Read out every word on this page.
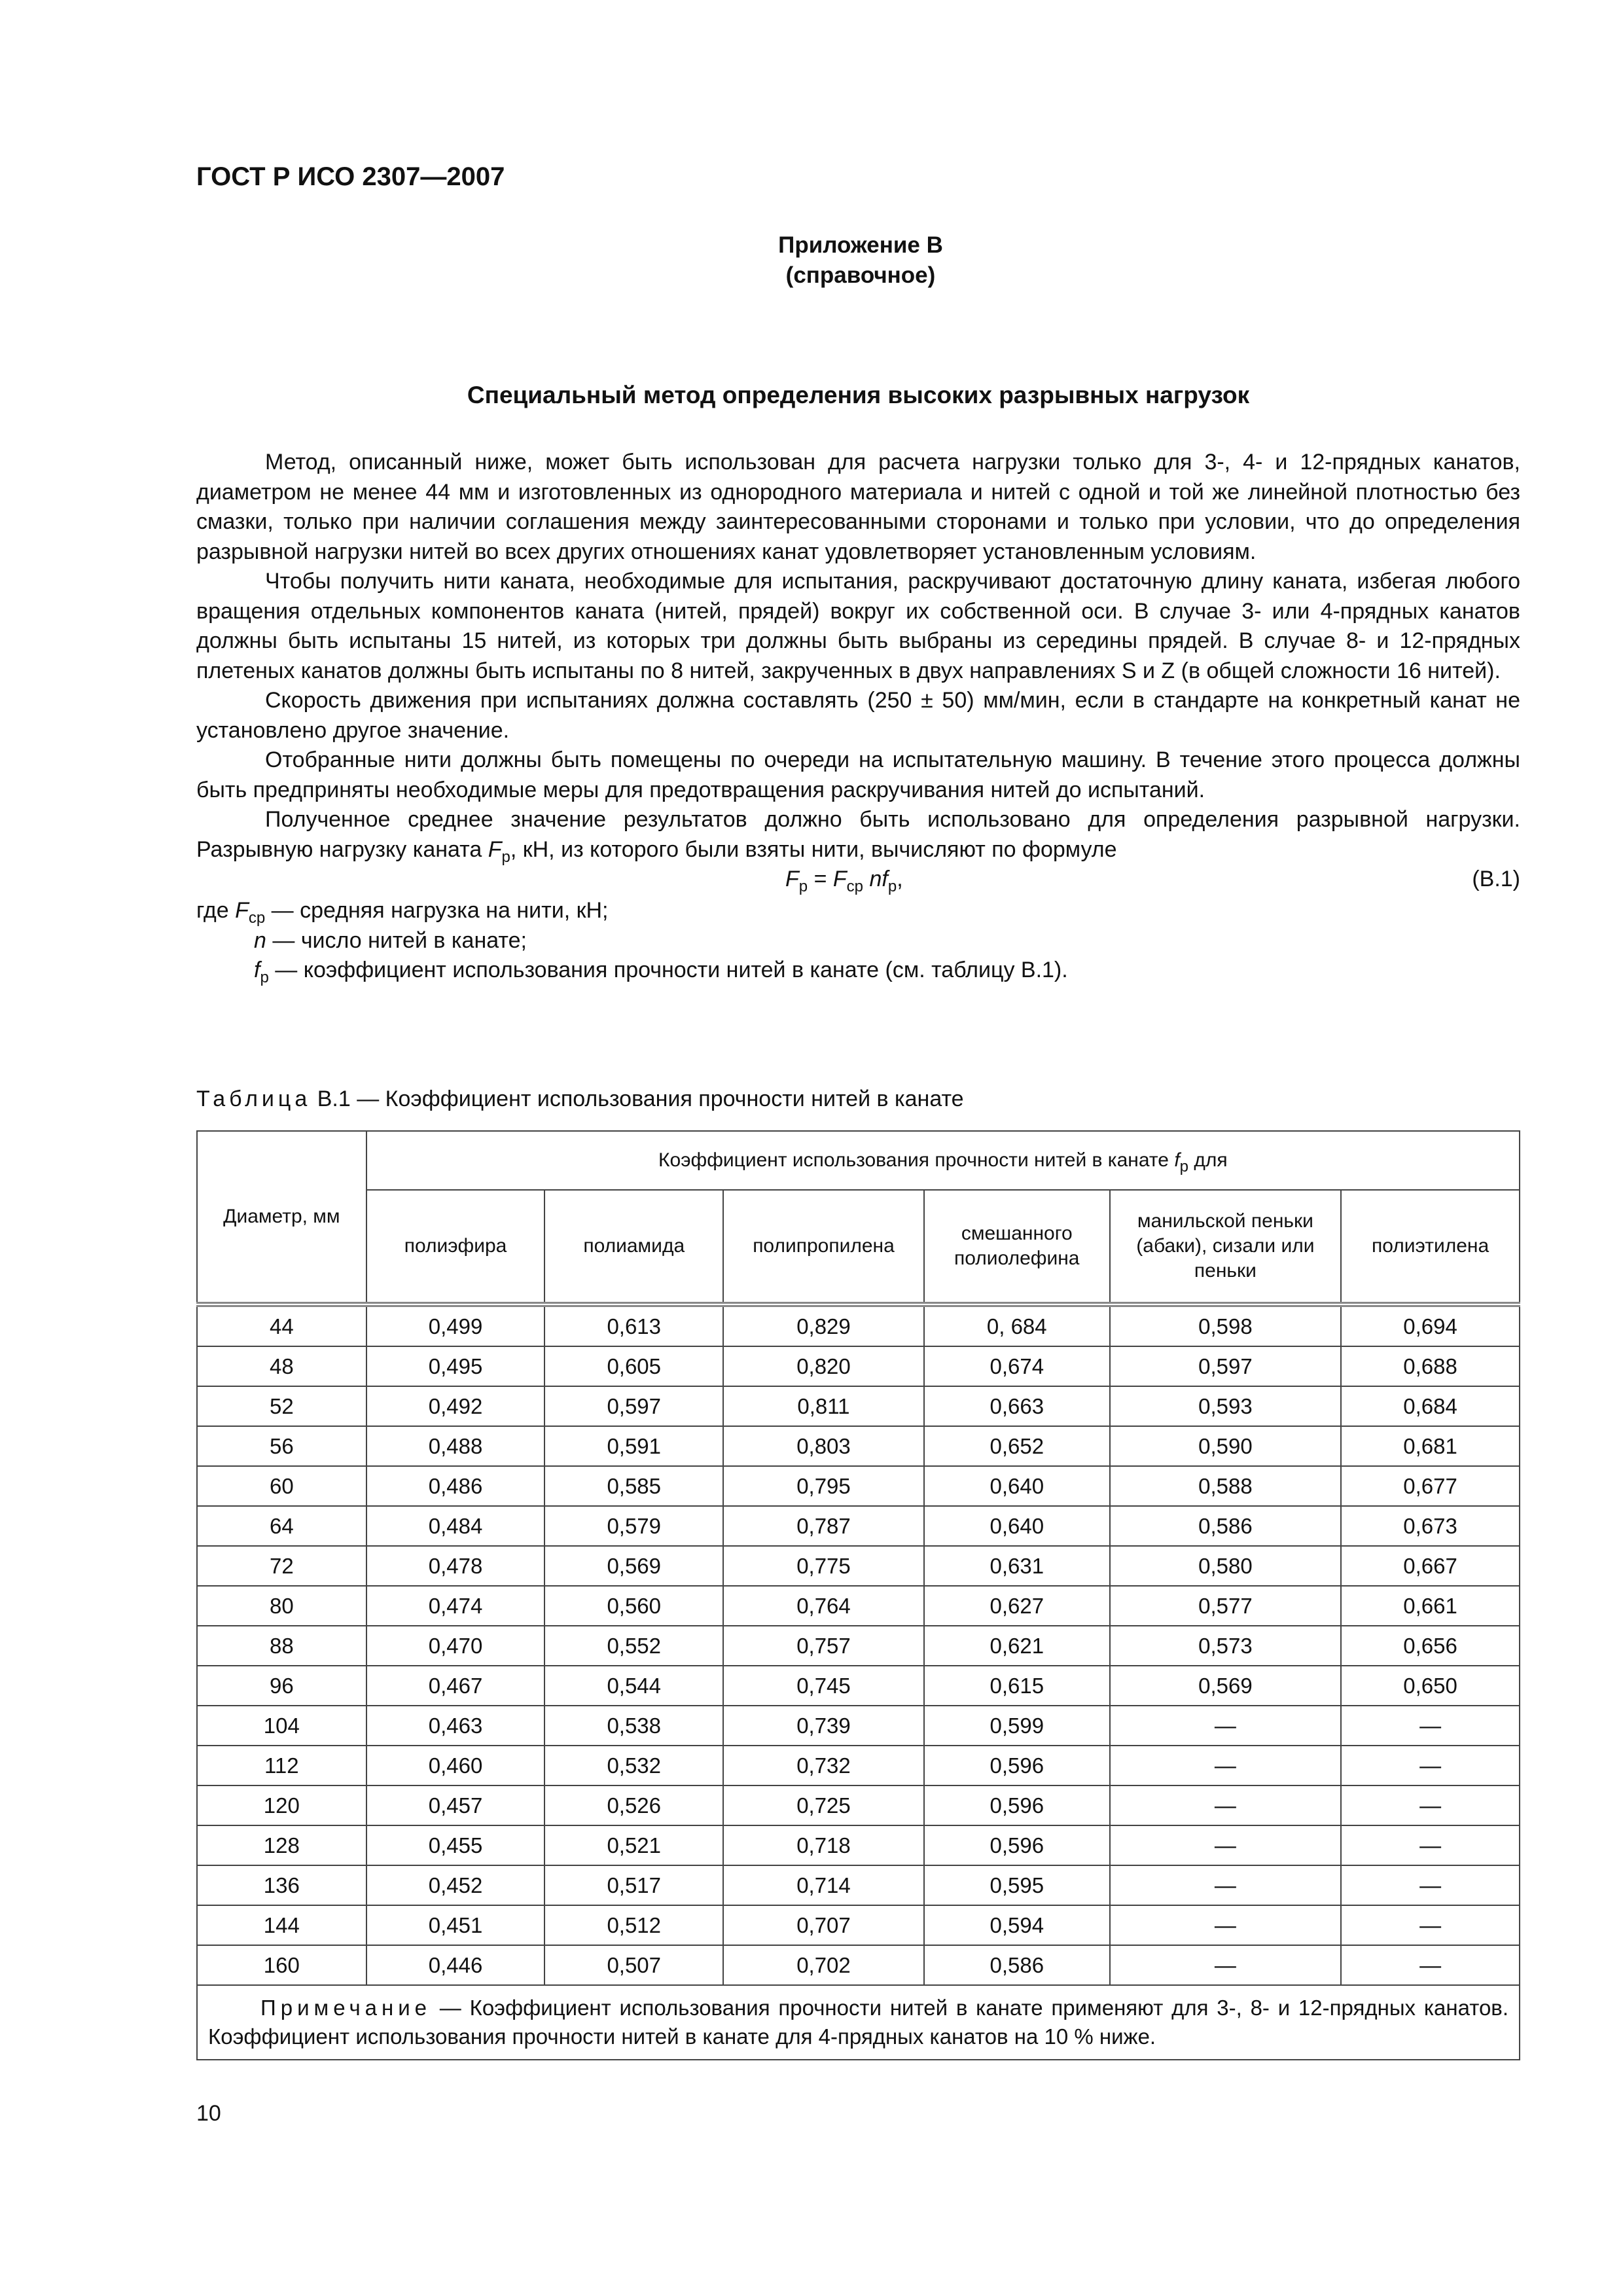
ГОСТ Р ИСО 2307—2007
Приложение В
(справочное)
Специальный метод определения высоких разрывных нагрузок

Метод, описанный ниже, может быть использован для расчета нагрузки только для 3-, 4- и 12-прядных канатов, диаметром не менее 44 мм и изготовленных из однородного материала и нитей с одной и той же линейной плотностью без смазки, только при наличии соглашения между заинтересованными сторонами и только при условии, что до определения разрывной нагрузки нитей во всех других отношениях канат удовлетворяет установленным условиям.

Чтобы получить нити каната, необходимые для испытания, раскручивают достаточную длину каната, избегая любого вращения отдельных компонентов каната (нитей, прядей) вокруг их собственной оси. В случае 3- или 4-прядных канатов должны быть испытаны 15 нитей, из которых три должны быть выбраны из середины прядей. В случае 8- и 12-прядных плетеных канатов должны быть испытаны по 8 нитей, закрученных в двух направлениях S и Z (в общей сложности 16 нитей).

Скорость движения при испытаниях должна составлять (250 ± 50) мм/мин, если в стандарте на конкретный канат не установлено другое значение.

Отобранные нити должны быть помещены по очереди на испытательную машину. В течение этого процесса должны быть предприняты необходимые меры для предотвращения раскручивания нитей до испытаний.

Полученное среднее значение результатов должно быть использовано для определения разрывной нагрузки. Разрывную нагрузку каната $F_р$, кН, из которого были взяты нити, вычисляют по формуле

$F_р = F_{ср}$ $nf_р$,	(В.1)
где $F_{ср}$ — средняя нагрузка на нити, кН;
n — число нитей в канате;
$f_р$ — коэффициент использования прочности нитей в канате (см. таблицу В.1).
Таблица В.1 — Коэффициент использования прочности нитей в канате
Диаметр, мм	Коэффициент использования прочности нитей в канате $f_р$ для					
	полиэфира	полиамида	полипропилена	смешанного полиолефина	манильской пеньки (абаки), сизали или пеньки	полиэтилена
44	0,499	0,613	0,829	0, 684	0,598	0,694
48	0,495	0,605	0,820	0,674	0,597	0,688
52	0,492	0,597	0,811	0,663	0,593	0,684
56	0,488	0,591	0,803	0,652	0,590	0,681
60	0,486	0,585	0,795	0,640	0,588	0,677
64	0,484	0,579	0,787	0,640	0,586	0,673
72	0,478	0,569	0,775	0,631	0,580	0,667
80	0,474	0,560	0,764	0,627	0,577	0,661
88	0,470	0,552	0,757	0,621	0,573	0,656
96	0,467	0,544	0,745	0,615	0,569	0,650
104	0,463	0,538	0,739	0,599	—	—
112	0,460	0,532	0,732	0,596	—	—
120	0,457	0,526	0,725	0,596	—	—
128	0,455	0,521	0,718	0,596	—	—
136	0,452	0,517	0,714	0,595	—	—
144	0,451	0,512	0,707	0,594	—	—
160	0,446	0,507	0,702	0,586	—	—
Примечание — Коэффициент использования прочности нитей в канате применяют для 3-, 8- и 12-прядных канатов. Коэффициент использования прочности нитей в канате для 4-прядных канатов на 10 % ниже.						
10
